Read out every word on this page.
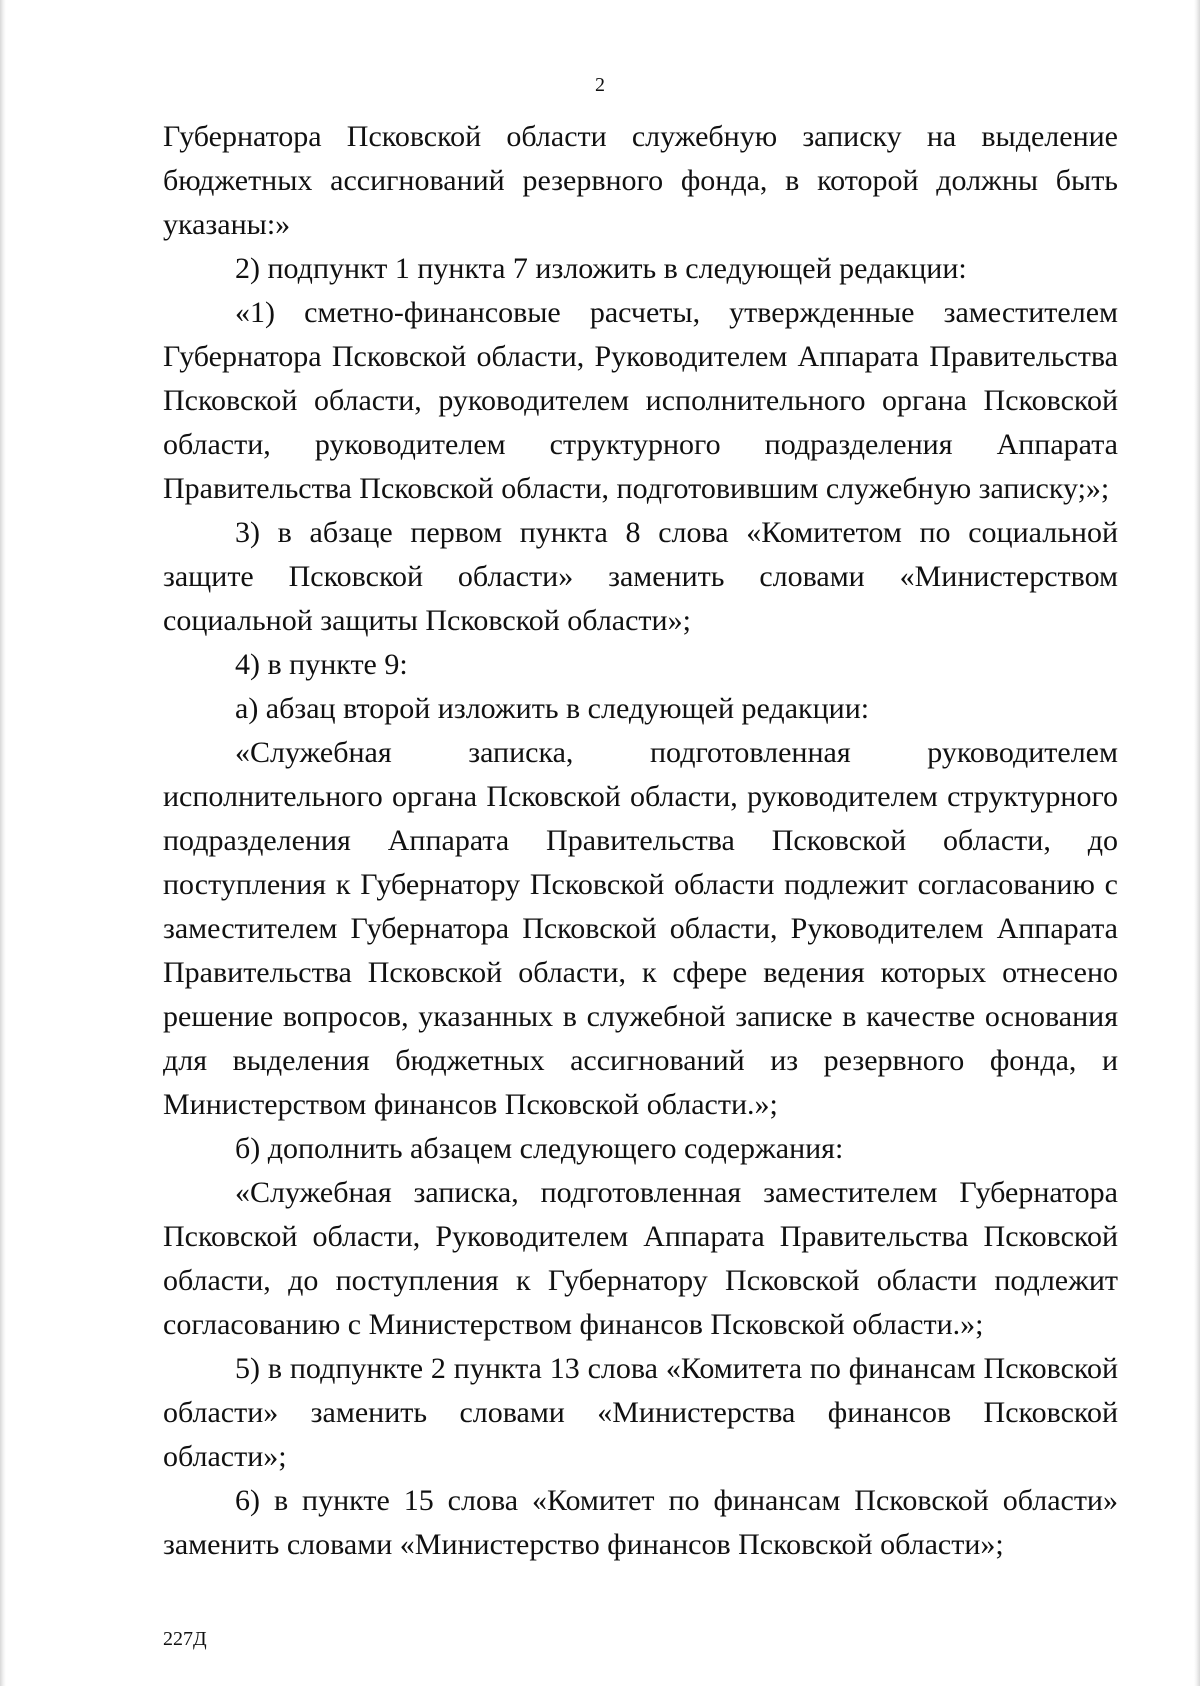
2

Губернатора Псковской области служебную записку на выделение бюджетных ассигнований резервного фонда, в которой должны быть указаны:»

2) подпункт 1 пункта 7 изложить в следующей редакции:

«1) сметно-финансовые расчеты, утвержденные заместителем Губернатора Псковской области, Руководителем Аппарата Правительства Псковской области, руководителем исполнительного органа Псковской области, руководителем структурного подразделения Аппарата Правительства Псковской области, подготовившим служебную записку;»;

3) в абзаце первом пункта 8 слова «Комитетом по социальной защите Псковской области» заменить словами «Министерством социальной защиты Псковской области»;

4) в пункте 9:

а) абзац второй изложить в следующей редакции:

«Служебная записка, подготовленная руководителем исполнительного органа Псковской области, руководителем структурного подразделения Аппарата Правительства Псковской области, до поступления к Губернатору Псковской области подлежит согласованию с заместителем Губернатора Псковской области, Руководителем Аппарата Правительства Псковской области, к сфере ведения которых отнесено решение вопросов, указанных в служебной записке в качестве основания для выделения бюджетных ассигнований из резервного фонда, и Министерством финансов Псковской области.»;

б) дополнить абзацем следующего содержания:

«Служебная записка, подготовленная заместителем Губернатора Псковской области, Руководителем Аппарата Правительства Псковской области, до поступления к Губернатору Псковской области подлежит согласованию с Министерством финансов Псковской области.»;

5) в подпункте 2 пункта 13 слова «Комитета по финансам Псковской области» заменить словами «Министерства финансов Псковской области»;

6) в пункте 15 слова «Комитет по финансам Псковской области» заменить словами «Министерство финансов Псковской области»;

227Д
